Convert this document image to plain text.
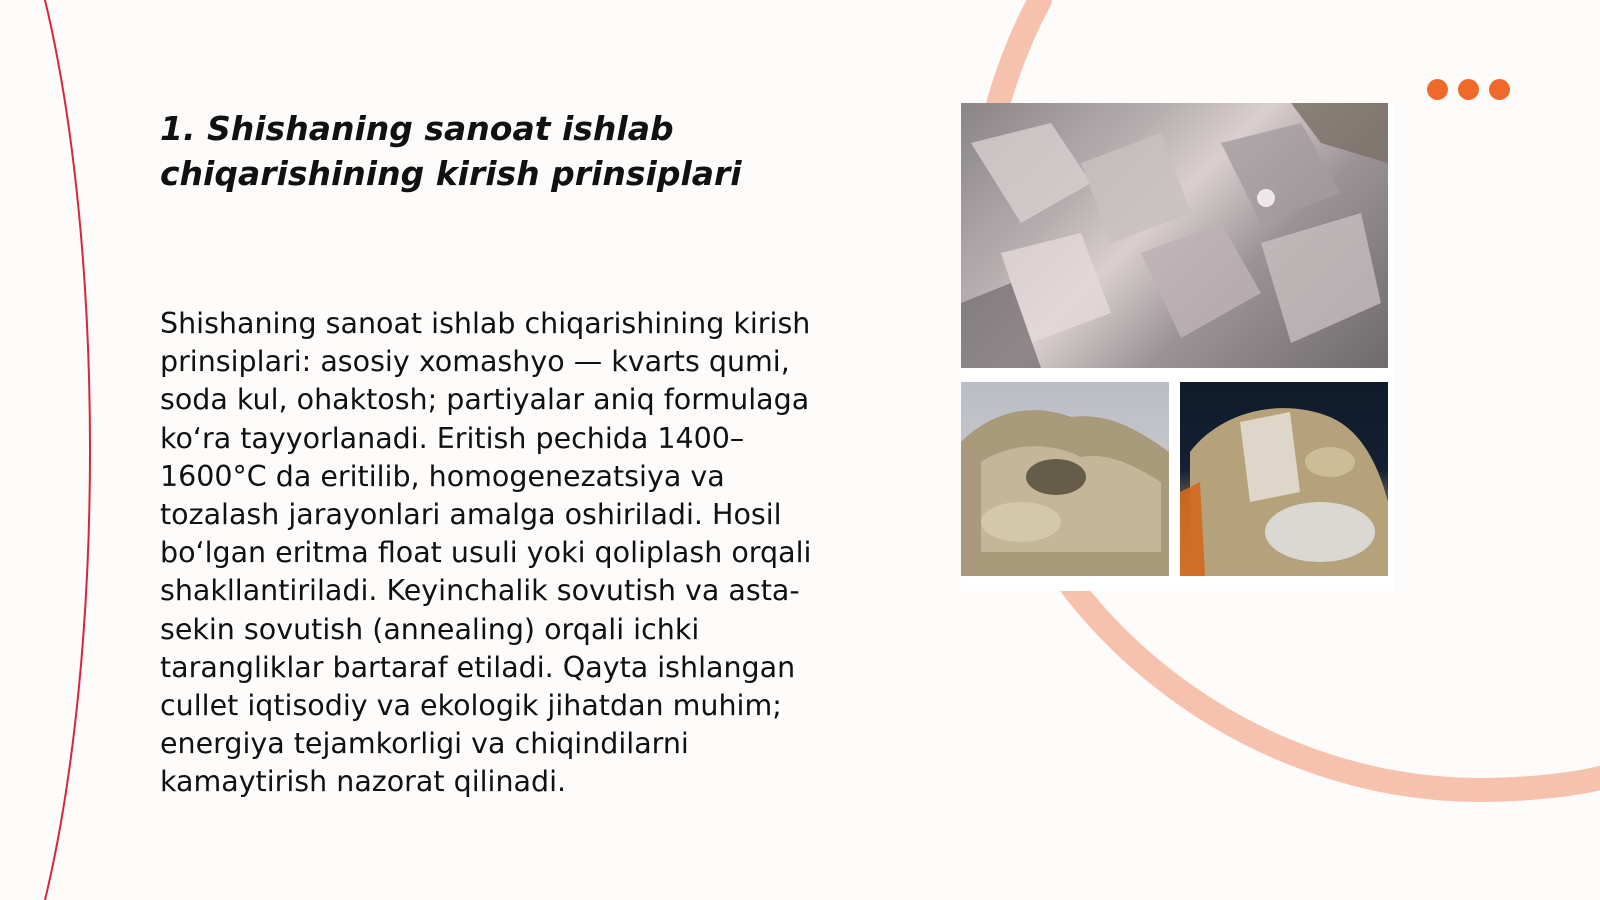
1. Shishaning sanoat ishlab chiqarishining kirish prinsiplari

Shishaning sanoat ishlab chiqarishining kirish prinsiplari: asosiy xomashyo — kvarts qumi, soda kul, ohaktosh; partiyalar aniq formulaga koʻra tayyorlanadi. Eritish pechida 1400–1600°C da eritilib, homogenezatsiya va tozalash jarayonlari amalga oshiriladi. Hosil boʻlgan eritma float usuli yoki qoliplash orqali shakllantiriladi. Keyinchalik sovutish va asta-sekin sovutish (annealing) orqali ichki tarangliklar bartaraf etiladi. Qayta ishlangan cullet iqtisodiy va ekologik jihatdan muhim; energiya tejamkorligi va chiqindilarni kamaytirish nazorat qilinadi.
